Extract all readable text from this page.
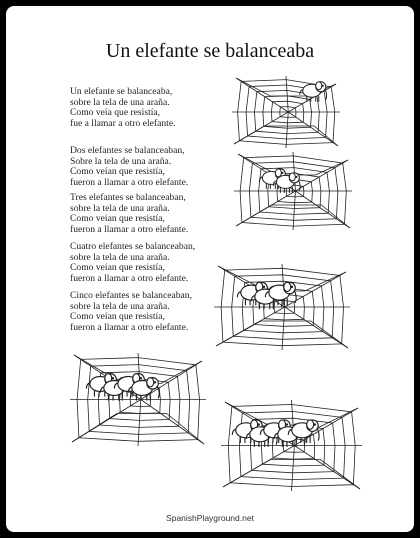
Un elefante se balanceaba
Un elefante se balanceaba,
sobre la tela de una araña.
Como veía que resistía,
fue a llamar a otro elefante.
Dos elefantes se balanceaban,
Sobre la tela de una araña.
Como veían que resistía,
fueron a llamar a otro elefante.
Tres elefantes se balanceaban,
sobre la tela de una araña.
Como veían que resistía,
fueron a llamar a otro elefante.
Cuatro elefantes se balanceaban,
sobre la tela de una araña.
Como veían que resistía,
fueron a llamar a otro elefante.
Cinco elefantes se balanceaban,
sobre la tela de una araña.
Como veían que resistía,
fueron a llamar a otro elefante.
SpanishPlayground.net
